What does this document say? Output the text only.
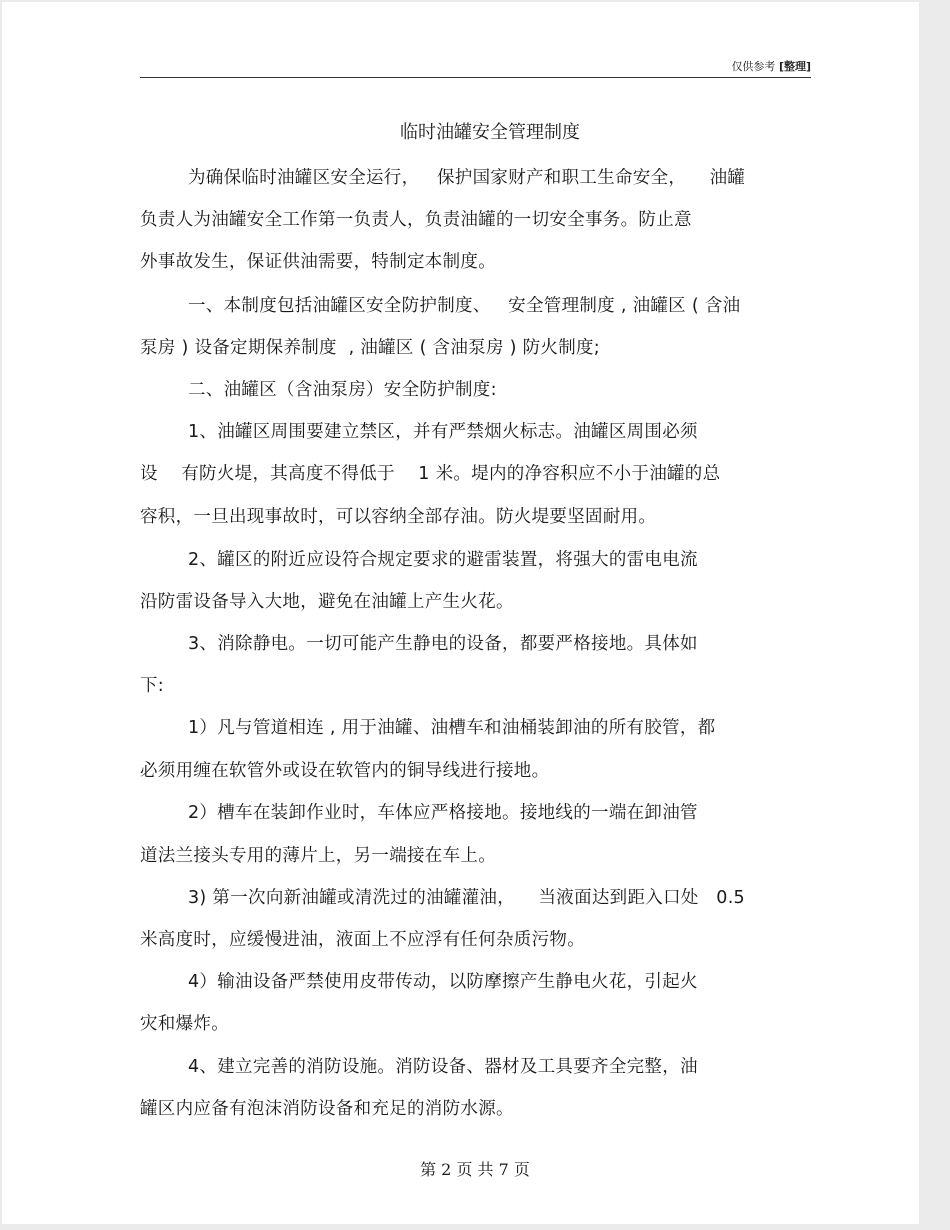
仅供参考 [整理]
临时油罐安全管理制度
为确保临时油罐区安全运行，   保护国家财产和职工生命安全，    油罐
负责人为油罐安全工作第一负责人，负责油罐的一切安全事务。防止意
外事故发生，保证供油需要，特制定本制度。
一、本制度包括油罐区安全防护制度、   安全管理制度 , 油罐区 ( 含油
泵房 ) 设备定期保养制度  , 油罐区 ( 含油泵房 ) 防火制度;
二、油罐区（含油泵房）安全防护制度:
1、油罐区周围要建立禁区，并有严禁烟火标志。油罐区周围必须
设    有防火堤，其高度不得低于    1 米。堤内的净容积应不小于油罐的总
容积，一旦出现事故时，可以容纳全部存油。防火堤要坚固耐用。
2、罐区的附近应设符合规定要求的避雷装置，将强大的雷电电流
沿防雷设备导入大地，避免在油罐上产生火花。
3、消除静电。一切可能产生静电的设备，都要严格接地。具体如
下:
1）凡与管道相连 , 用于油罐、油槽车和油桶装卸油的所有胶管，都
必须用缠在软管外或设在软管内的铜导线进行接地。
2）槽车在装卸作业时，车体应严格接地。接地线的一端在卸油管
道法兰接头专用的薄片上，另一端接在车上。
3) 第一次向新油罐或清洗过的油罐灌油，    当液面达到距入口处   0.5
米高度时，应缓慢进油，液面上不应浮有任何杂质污物。
4）输油设备严禁使用皮带传动，以防摩擦产生静电火花，引起火
灾和爆炸。
4、建立完善的消防设施。消防设备、器材及工具要齐全完整，油
罐区内应备有泡沫消防设备和充足的消防水源。
第 2 页 共 7 页
